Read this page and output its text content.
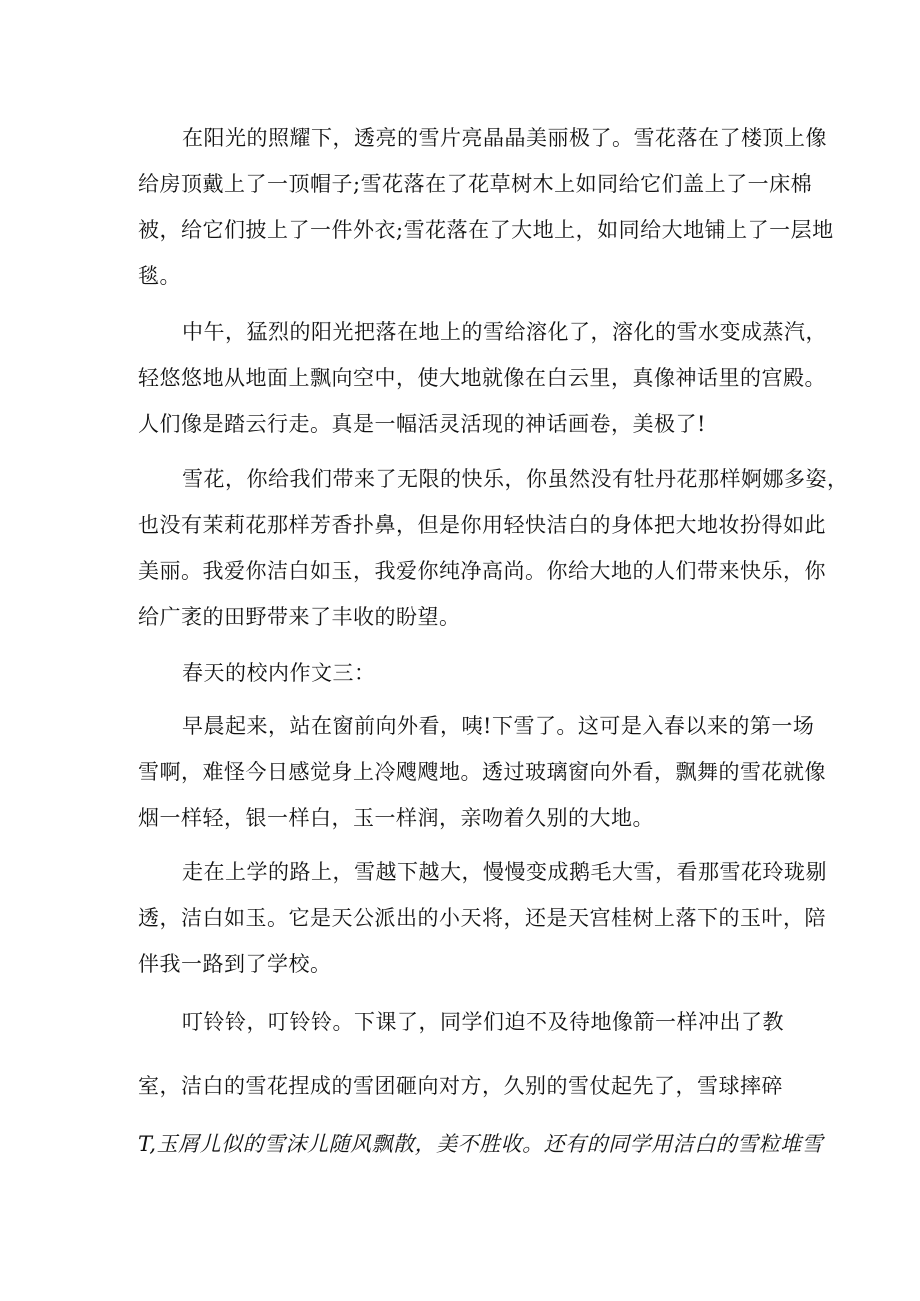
在阳光的照耀下，透亮的雪片亮晶晶美丽极了。雪花落在了楼顶上像
给房顶戴上了一顶帽子;雪花落在了花草树木上如同给它们盖上了一床棉
被，给它们披上了一件外衣;雪花落在了大地上，如同给大地铺上了一层地
毯。
中午，猛烈的阳光把落在地上的雪给溶化了，溶化的雪水变成蒸汽，
轻悠悠地从地面上飘向空中，使大地就像在白云里，真像神话里的宫殿。
人们像是踏云行走。真是一幅活灵活现的神话画卷，美极了!
雪花，你给我们带来了无限的快乐，你虽然没有牡丹花那样婀娜多姿，
也没有茉莉花那样芳香扑鼻，但是你用轻快洁白的身体把大地妆扮得如此
美丽。我爱你洁白如玉，我爱你纯净高尚。你给大地的人们带来快乐，你
给广袤的田野带来了丰收的盼望。
春天的校内作文三：
早晨起来，站在窗前向外看，咦!下雪了。这可是入春以来的第一场
雪啊，难怪今日感觉身上冷飕飕地。透过玻璃窗向外看，飘舞的雪花就像
烟一样轻，银一样白，玉一样润，亲吻着久别的大地。
走在上学的路上，雪越下越大，慢慢变成鹅毛大雪，看那雪花玲珑剔
透，洁白如玉。它是天公派出的小天将，还是天宫桂树上落下的玉叶，陪
伴我一路到了学校。
叮铃铃，叮铃铃。下课了，同学们迫不及待地像箭一样冲出了教
室，洁白的雪花捏成的雪团砸向对方，久别的雪仗起先了，雪球摔碎
T,玉屑儿似的雪沫儿随风飘散，美不胜收。还有的同学用洁白的雪粒堆雪
